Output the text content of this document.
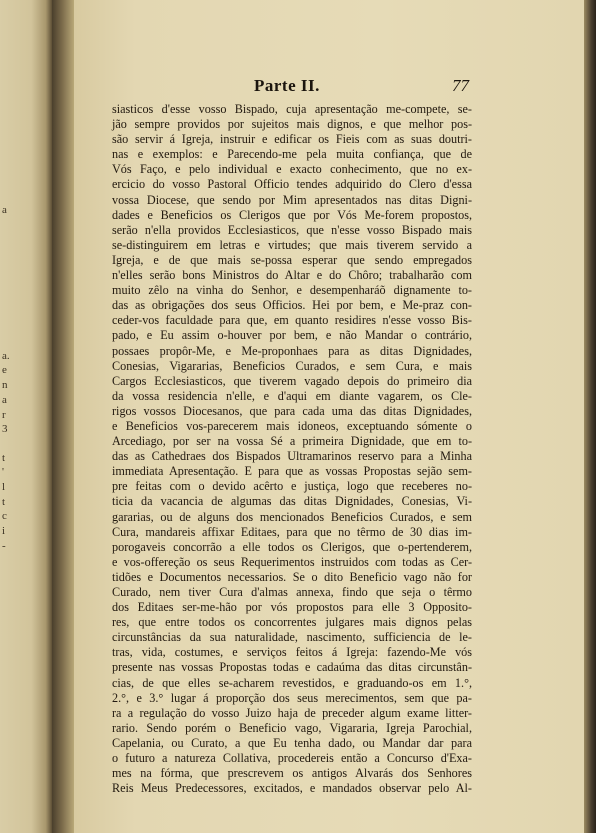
a
a.
e
n
a
r
3
t
'
l
t
c
i
-
Parte II.	77
siasticos d'esse vosso Bispado, cuja apresentação me-compete, se-
jão sempre providos por sujeitos mais dignos, e que melhor pos-
são servir á Igreja, instruir e edificar os Fieis com as suas doutri-
nas e exemplos: e Parecendo-me pela muita confiança, que de
Vós Faço, e pelo individual e exacto conhecimento, que no ex-
ercicio do vosso Pastoral Officio tendes adquirido do Clero d'essa
vossa Diocese, que sendo por Mim apresentados nas ditas Digni-
dades e Beneficios os Clerigos que por Vós Me-forem propostos,
serão n'ella providos Ecclesiasticos, que n'esse vosso Bispado mais
se-distinguirem em letras e virtudes; que mais tiverem servido a
Igreja, e de que mais se-possa esperar que sendo empregados
n'elles serão bons Ministros do Altar e do Chôro; trabalharão com
muito zêlo na vinha do Senhor, e desempenharáõ dignamente to-
das as obrigações dos seus Officios. Hei por bem, e Me-praz con-
ceder-vos faculdade para que, em quanto residires n'esse vosso Bis-
pado, e Eu assim o-houver por bem, e não Mandar o contrário,
possaes propôr-Me, e Me-proponhaes para as ditas Dignidades,
Conesias, Vigararias, Beneficios Curados, e sem Cura, e mais
Cargos Ecclesiasticos, que tiverem vagado depois do primeiro dia
da vossa residencia n'elle, e d'aqui em diante vagarem, os Cle-
rigos vossos Diocesanos, que para cada uma das ditas Dignidades,
e Beneficios vos-parecerem mais idoneos, exceptuando sómente o
Arcediago, por ser na vossa Sé a primeira Dignidade, que em to-
das as Cathedraes dos Bispados Ultramarinos reservo para a Minha
immediata Apresentação. E para que as vossas Propostas sejão sem-
pre feitas com o devido acêrto e justiça, logo que receberes no-
ticia da vacancia de algumas das ditas Dignidades, Conesias, Vi-
gararias, ou de alguns dos mencionados Beneficios Curados, e sem
Cura, mandareis affixar Editaes, para que no têrmo de 30 dias im-
porogaveis concorrão a elle todos os Clerigos, que o-pertenderem,
e vos-offereção os seus Requerimentos instruidos com todas as Cer-
tidões e Documentos necessarios. Se o dito Beneficio vago não for
Curado, nem tiver Cura d'almas annexa, findo que seja o têrmo
dos Editaes ser-me-hão por vós propostos para elle 3 Opposito-
res, que entre todos os concorrentes julgares mais dignos pelas
circunstâncias da sua naturalidade, nascimento, sufficiencia de le-
tras, vida, costumes, e serviços feitos á Igreja: fazendo-Me vós
presente nas vossas Propostas todas e cadaúma das ditas circunstân-
cias, de que elles se-acharem revestidos, e graduando-os em 1.°,
2.°, e 3.° lugar á proporção dos seus merecimentos, sem que pa-
ra a regulação do vosso Juizo haja de preceder algum exame litter-
rario. Sendo porém o Beneficio vago, Vigararia, Igreja Parochial,
Capelania, ou Curato, a que Eu tenha dado, ou Mandar dar para
o futuro a natureza Collativa, procedereis então a Concurso d'Exa-
mes na fórma, que prescrevem os antigos Alvarás dos Senhores
Reis Meus Predecessores, excitados, e mandados observar pelo Al-
